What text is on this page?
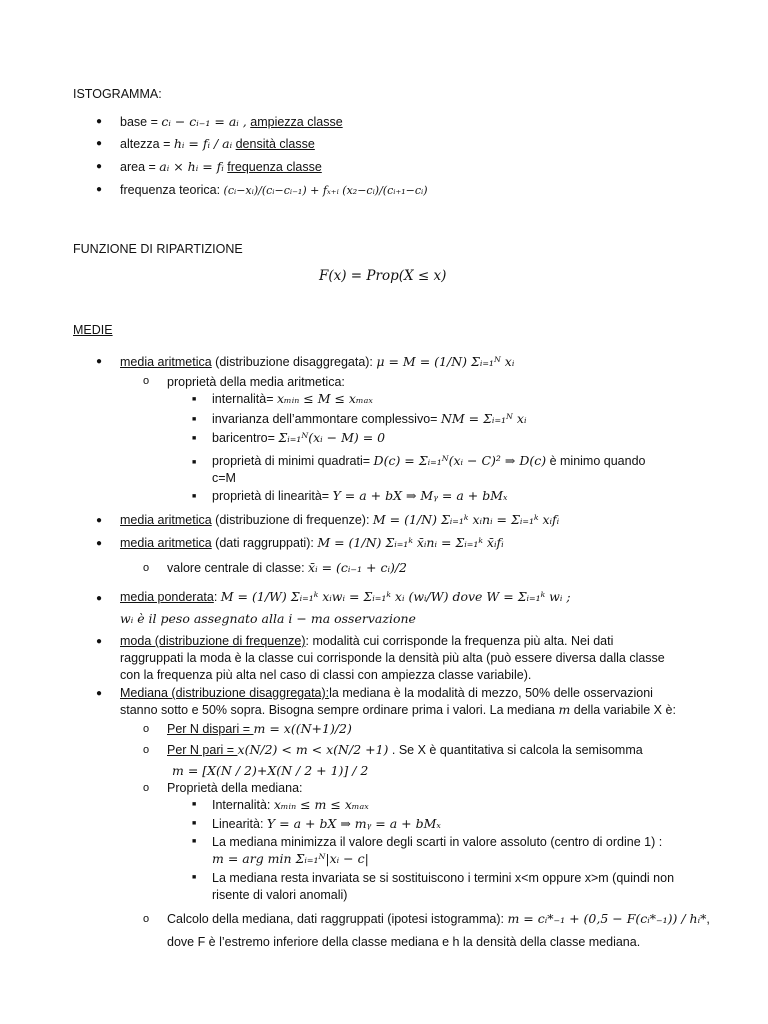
ISTOGRAMMA:
● base = cᵢ − cᵢ₋₁ = aᵢ , ampiezza classe
● altezza = hᵢ = fᵢ / aᵢ densità classe
● area = aᵢ × hᵢ = fᵢ frequenza classe
● frequenza teorica: (cᵢ−xᵢ)/(cᵢ−cᵢ₋₁) + fₓ₊ᵢ (x₂−cᵢ)/(cᵢ₊₁−cᵢ)
FUNZIONE DI RIPARTIZIONE
F(x) = Prop(X ≤ x)
MEDIE
● media aritmetica (distribuzione disaggregata): μ = M = (1/N) Σᵢ₌₁ᴺ xᵢ
o proprietà della media aritmetica:
■ internalità= xₘᵢₙ ≤ M ≤ xₘₐₓ
■ invarianza dell’ammontare complessivo= NM = Σᵢ₌₁ᴺ xᵢ
■ baricentro= Σᵢ₌₁ᴺ(xᵢ − M) = 0
■ proprietà di minimi quadrati= D(c) = Σᵢ₌₁ᴺ(xᵢ − C)² ⇒ D(c) è minimo quando
c=M
■ proprietà di linearità= Y = a + bX ⇒ Mᵧ = a + bMₓ
● media aritmetica (distribuzione di frequenze): M = (1/N) Σᵢ₌₁ᵏ xᵢnᵢ = Σᵢ₌₁ᵏ xᵢfᵢ
● media aritmetica (dati raggruppati): M = (1/N) Σᵢ₌₁ᵏ x̄ᵢnᵢ = Σᵢ₌₁ᵏ x̄ᵢfᵢ
o valore centrale di classe: x̄ᵢ = (cᵢ₋₁ + cᵢ)/2
● media ponderata: M = (1/W) Σᵢ₌₁ᵏ xᵢwᵢ = Σᵢ₌₁ᵏ xᵢ (wᵢ/W) dove W = Σᵢ₌₁ᵏ wᵢ ;
wᵢ è il peso assegnato alla i − ma osservazione
● moda (distribuzione di frequenze): modalità cui corrisponde la frequenza più alta. Nei dati
raggruppati la moda è la classe cui corrisponde la densità più alta (può essere diversa dalla classe
con la frequenza più alta nel caso di classi con ampiezza classe variabile).
● Mediana (distribuzione disaggregata):la mediana è la modalità di mezzo, 50% delle osservazioni
stanno sotto e 50% sopra. Bisogna sempre ordinare prima i valori. La mediana m della variabile X è:
o Per N dispari = m = x((N+1)/2)
o Per N pari = x(N/2) < m < x(N/2 +1) . Se X è quantitativa si calcola la semisomma
m = [X(N / 2)+X(N / 2 + 1)] / 2
o Proprietà della mediana:
■ Internalità: xₘᵢₙ ≤ m ≤ xₘₐₓ
■ Linearità: Y = a + bX ⇒ mᵧ = a + bMₓ
■ La mediana minimizza il valore degli scarti in valore assoluto (centro di ordine 1) :
m = arg min Σᵢ₌₁ᴺ|xᵢ − c|
■ La mediana resta invariata se si sostituiscono i termini x<m oppure x>m (quindi non
risente di valori anomali)
o Calcolo della mediana, dati raggruppati (ipotesi istogramma): m = cᵢ*₋₁ + (0,5 − F(cᵢ*₋₁)) / hᵢ*,
dove F è l’estremo inferiore della classe mediana e h la densità della classe mediana.
